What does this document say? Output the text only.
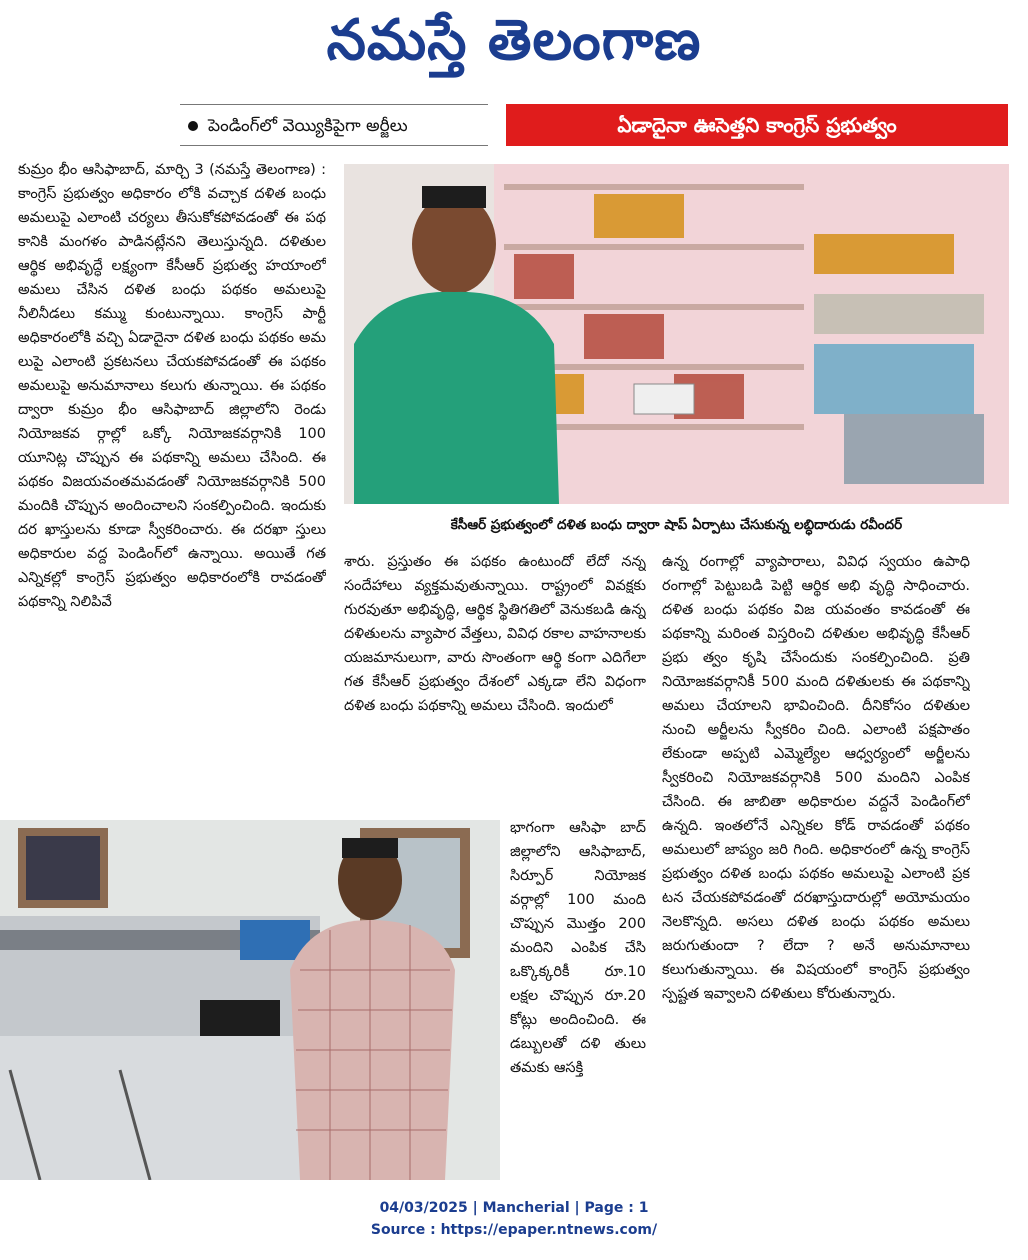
నమస్తే తెలంగాణ
పెండింగ్‌లో వెయ్యికిపైగా అర్జీలు	ఏడాదైనా ఊసెత్తని కాంగ్రెస్ ప్రభుత్వం

కుమ్రం భీం ఆసిఫాబాద్, మార్చి 3 (నమస్తే తెలంగాణ) : కాంగ్రెస్ ప్రభుత్వం అధికారం లోకి వచ్చాక దళిత బంధు అమలుపై ఎలాంటి చర్యలు తీసుకోకపోవడంతో ఈ పథ కానికి మంగళం పాడినట్లేనని తెలుస్తున్నది. దళితుల ఆర్థిక అభివృద్ధే లక్ష్యంగా కేసీఆర్ ప్రభుత్వ హయాంలో అమలు చేసిన దళిత బంధు పథకం అమలుపై నీలినీడలు కమ్ము కుంటున్నాయి. కాంగ్రెస్ పార్టీ అధికారంలోకి వచ్చి ఏడాదైనా దళిత బంధు పథకం అమ లుపై ఎలాంటి ప్రకటనలు చేయకపోవడంతో ఈ పథకం అమలుపై అనుమానాలు కలుగు తున్నాయి. ఈ పథకం ద్వారా కుమ్రం భీం ఆసిఫాబాద్ జిల్లాలోని రెండు నియోజకవ ర్గాల్లో ఒక్కో నియోజకవర్గానికి 100 యూనిట్ల చొప్పున ఈ పథకాన్ని అమలు చేసింది. ఈ పథకం విజయవంతమవడంతో నియోజకవర్గానికి 500 మందికి చొప్పున అందించాలని సంకల్పించింది. ఇందుకు దర ఖాస్తులను కూడా స్వీకరించారు. ఈ దరఖా స్తులు అధికారుల వద్ద పెండింగ్‌లో ఉన్నాయి. అయితే గత ఎన్నికల్లో కాంగ్రెస్ ప్రభుత్వం అధికారంలోకి రావడంతో పథకాన్ని నిలిపివే

కేసీఆర్ ప్రభుత్వంలో దళిత బంధు ద్వారా షాప్ ఏర్పాటు చేసుకున్న లబ్ధిదారుడు రవీందర్

శారు. ప్రస్తుతం ఈ పథకం ఉంటుందో లేదో నన్న సందేహాలు వ్యక్తమవుతున్నాయి. రాష్ట్రంలో వివక్షకు గురవుతూ అభివృద్ధి, ఆర్థిక స్థితిగతిలో వెనుకబడి ఉన్న దళితులను వ్యాపార వేత్తలు, వివిధ రకాల వాహనాలకు యజమానులుగా, వారు సొంతంగా ఆర్థి కంగా ఎదిగేలా గత కేసీఆర్ ప్రభుత్వం దేశంలో ఎక్కడా లేని విధంగా దళిత బంధు పథకాన్ని అమలు చేసింది. ఇందులో

భాగంగా ఆసిఫా బాద్ జిల్లాలోని ఆసిఫాబాద్, సిర్పూర్ నియోజక వర్గాల్లో 100 మంది చొప్పున మొత్తం 200 మందిని ఎంపిక చేసి ఒక్కొక్కరికీ రూ.10 లక్షల చొప్పున రూ.20 కోట్లు అందించింది. ఈ డబ్బులతో దళి తులు తమకు ఆసక్తి

ఉన్న రంగాల్లో వ్యాపారాలు, వివిధ స్వయం ఉపాధి రంగాల్లో పెట్టుబడి పెట్టి ఆర్థిక అభి వృద్ధి సాధించారు. దళిత బంధు పథకం విజ యవంతం కావడంతో ఈ పథకాన్ని మరింత విస్తరించి దళితుల అభివృద్ధి కేసీఆర్ ప్రభు త్వం కృషి చేసేందుకు సంకల్పించింది. ప్రతి నియోజకవర్గానికీ 500 మంది దళితులకు ఈ పథకాన్ని అమలు చేయాలని భావించింది. దీనికోసం దళితుల నుంచి అర్జీలను స్వీకరిం చింది. ఎలాంటి పక్షపాతం లేకుండా అప్పటి ఎమ్మెల్యేల ఆధ్వర్యంలో అర్జీలను స్వీకరించి నియోజకవర్గానికి 500 మందిని ఎంపిక చేసింది. ఈ జాబితా అధికారుల వద్దనే పెండింగ్‌లో ఉన్నది. ఇంతలోనే ఎన్నికల కోడ్ రావడంతో పథకం అమలులో జాప్యం జరి గింది. అధికారంలో ఉన్న కాంగ్రెస్ ప్రభుత్వం దళిత బంధు పథకం అమలుపై ఎలాంటి ప్రక టన చేయకపోవడంతో దరఖాస్తుదారుల్లో అయోమయం నెలకొన్నది. అసలు దళిత బంధు పథకం అమలు జరుగుతుందా ? లేదా ? అనే అనుమానాలు కలుగుతున్నాయి. ఈ విషయంలో కాంగ్రెస్ ప్రభుత్వం స్పష్టత ఇవ్వాలని దళితులు కోరుతున్నారు.

04/03/2025 | Mancherial | Page : 1
Source : https://epaper.ntnews.com/
